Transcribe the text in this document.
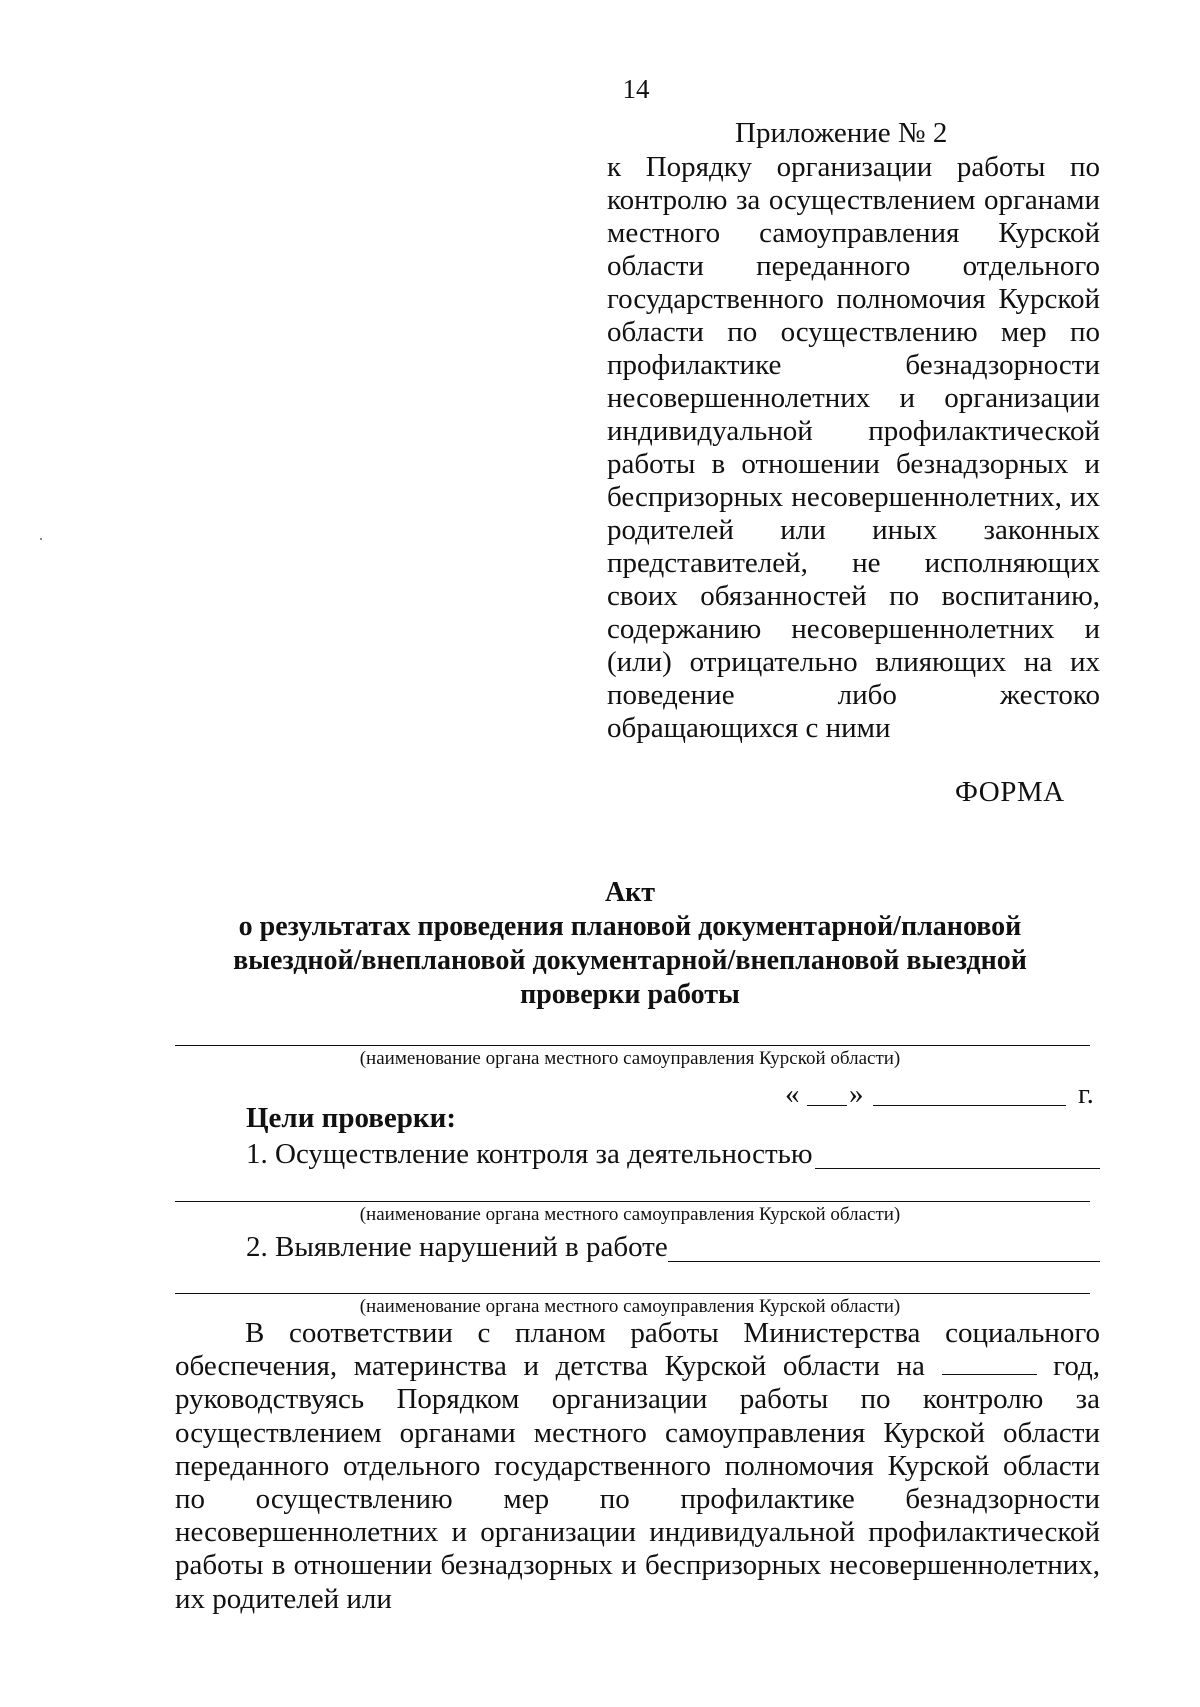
14
Приложение № 2
к Порядку организации работы по контролю за осуществлением органами местного самоуправления Курской области переданного отдельного государственного полномочия Курской области по осуществлению мер по профилактике безнадзорности несовершеннолетних и организации индивидуальной профилактической работы в отношении безнадзорных и беспризорных несовершеннолетних, их родителей или иных законных представителей, не исполняющих своих обязанностей по воспитанию, содержанию несовершеннолетних и (или) отрицательно влияющих на их поведение либо жестоко обращающихся с ними
ФОРМА
Акт
о результатах проведения плановой документарной/плановой выездной/внеплановой документарной/внеплановой выездной проверки работы
(наименование органа местного самоуправления Курской области)
« »	г.
Цели проверки:
1. Осуществление контроля за деятельностью
(наименование органа местного самоуправления Курской области)
2. Выявление нарушений в работе
(наименование органа местного самоуправления Курской области)

В соответствии с планом работы Министерства социального обеспечения, материнства и детства Курской области на	год, руководствуясь Порядком организации работы по контролю за осуществлением органами местного самоуправления Курской области переданного отдельного государственного полномочия Курской области по осуществлению мер по профилактике безнадзорности несовершеннолетних и организации индивидуальной профилактической работы в отношении безнадзорных и беспризорных несовершеннолетних, их родителей или
